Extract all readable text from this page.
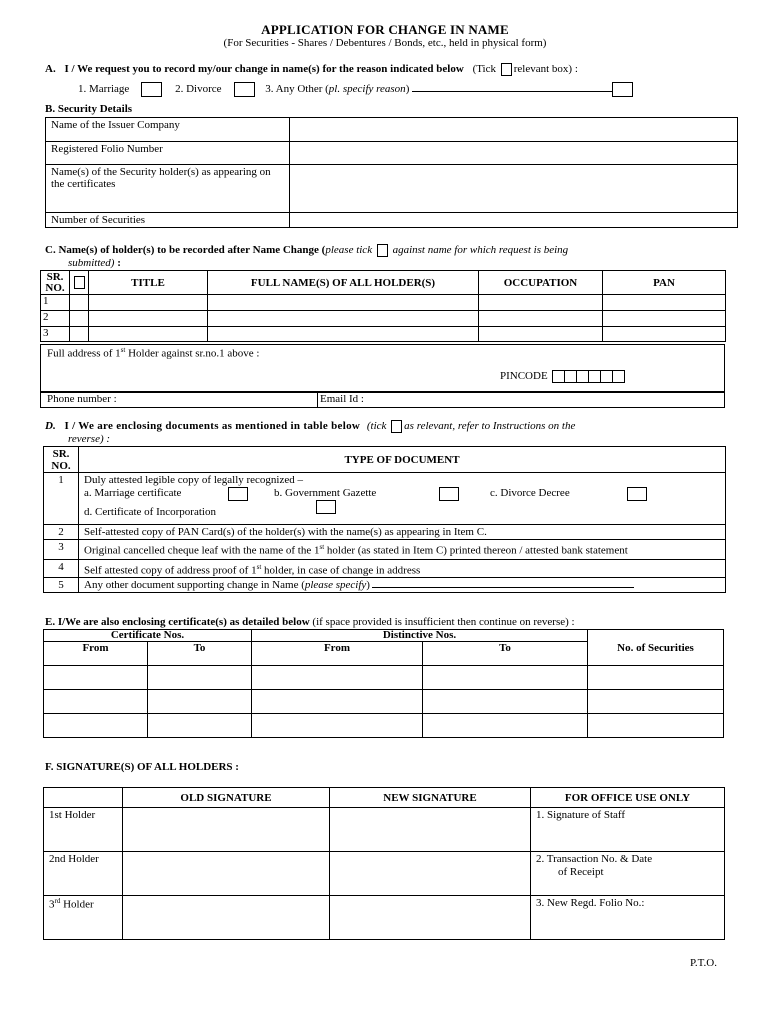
APPLICATION FOR CHANGE IN NAME
(For Securities - Shares / Debentures / Bonds, etc., held in physical form)
A. I / We request you to record my/our change in name(s) for the reason indicated below (Tick relevant box) :
1. Marriage	2. Divorce	3. Any Other (pl. specify reason)
B. Security Details
Name of the Issuer Company	
Registered Folio Number	
Name(s) of the Security holder(s) as appearing on the certificates	
Number of Securities	
C. Name(s) of holder(s) to be recorded after Name Change (please tick  against name for which request is being
submitted) :
SR.
NO.		TITLE	FULL NAME(S) OF ALL HOLDER(S)	OCCUPATION	PAN
1					
2					
3					
Full address of 1st Holder against sr.no.1 above :
PINCODE
Phone number :	Email Id :
D. I / We are enclosing documents as mentioned in table below (tick as relevant, refer to Instructions on the
reverse) :
SR.
NO.	TYPE OF DOCUMENT
1	Duly attested legible copy of legally recognized –
a. Marriage certificate b. Government Gazette c. Divorce Decree
d. Certificate of Incorporation

2	Self-attested copy of PAN Card(s) of the holder(s) with the name(s) as appearing in Item C.
3	Original cancelled cheque leaf with the name of the 1st holder (as stated in Item C) printed thereon / attested bank statement
4	Self attested copy of address proof of 1st holder, in case of change in address
5	Any other document supporting change in Name (please specify)
E. I/We are also enclosing certificate(s) as detailed below (if space provided is insufficient then continue on reverse) :
Certificate Nos.		Distinctive Nos.		No. of Securities
From	To	From	To	

F. SIGNATURE(S) OF ALL HOLDERS :
	OLD SIGNATURE	NEW SIGNATURE	FOR OFFICE USE ONLY
1st Holder			1. Signature of Staff
2nd Holder			2. Transaction No. & Date
of Receipt
3rd Holder			3. New Regd. Folio No.:
P.T.O.
